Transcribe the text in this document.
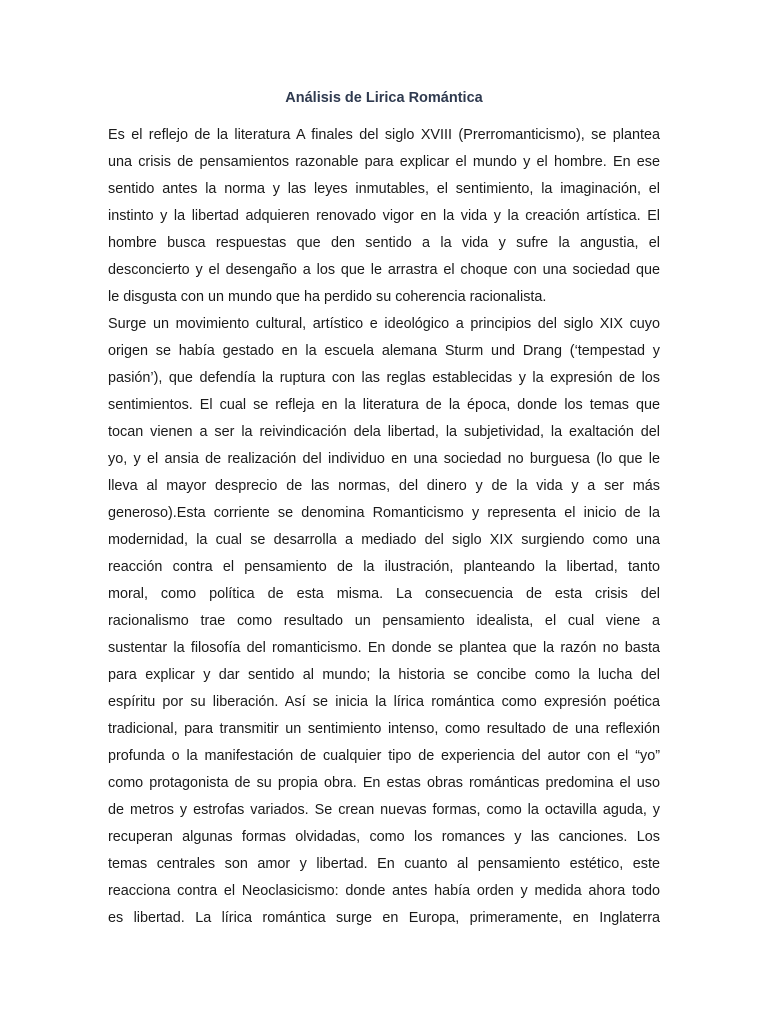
Análisis de Lirica Romántica
Es el reflejo de la literatura A finales del siglo XVIII (Prerromanticismo), se plantea
una crisis de pensamientos razonable para explicar el mundo y el hombre. En ese
sentido antes la norma y las leyes inmutables, el sentimiento, la imaginación, el
instinto y la libertad adquieren renovado vigor en la vida y la creación artística. El
hombre busca respuestas que den sentido a la vida y sufre la angustia, el
desconcierto y el desengaño a los que le arrastra el choque con una sociedad que
le disgusta con un mundo que ha perdido su coherencia racionalista.
Surge un movimiento cultural, artístico e ideológico a principios del siglo XIX cuyo
origen se había gestado en la escuela alemana Sturm und Drang (‘tempestad y
pasión’), que defendía la ruptura con las reglas establecidas y la expresión de los
sentimientos. El cual se refleja en la literatura de la época, donde los temas que
tocan vienen a ser la reivindicación dela libertad, la subjetividad, la exaltación del
yo, y el ansia de realización del individuo en una sociedad no burguesa (lo que le
lleva al mayor desprecio de las normas, del dinero y de la vida y a ser más
generoso).Esta corriente se denomina Romanticismo y representa el inicio de la
modernidad, la cual se desarrolla a mediado del siglo XIX surgiendo como una
reacción contra el pensamiento de la ilustración, planteando la libertad, tanto
moral, como política de esta misma. La consecuencia de esta crisis del
racionalismo trae como resultado un pensamiento idealista, el cual viene a
sustentar la filosofía del romanticismo. En donde se plantea que la razón no basta
para explicar y dar sentido al mundo; la historia se concibe como la lucha del
espíritu por su liberación. Así se inicia la lírica romántica como expresión poética
tradicional, para transmitir un sentimiento intenso, como resultado de una reflexión
profunda o la manifestación de cualquier tipo de experiencia del autor con el “yo”
como protagonista de su propia obra. En estas obras románticas predomina el uso
de metros y estrofas variados. Se crean nuevas formas, como la octavilla aguda, y
recuperan algunas formas olvidadas, como los romances y las canciones. Los
temas centrales son amor y libertad. En cuanto al pensamiento estético, este
reacciona contra el Neoclasicismo: donde antes había orden y medida ahora todo
es libertad. La lírica romántica surge en Europa, primeramente, en Inglaterra
